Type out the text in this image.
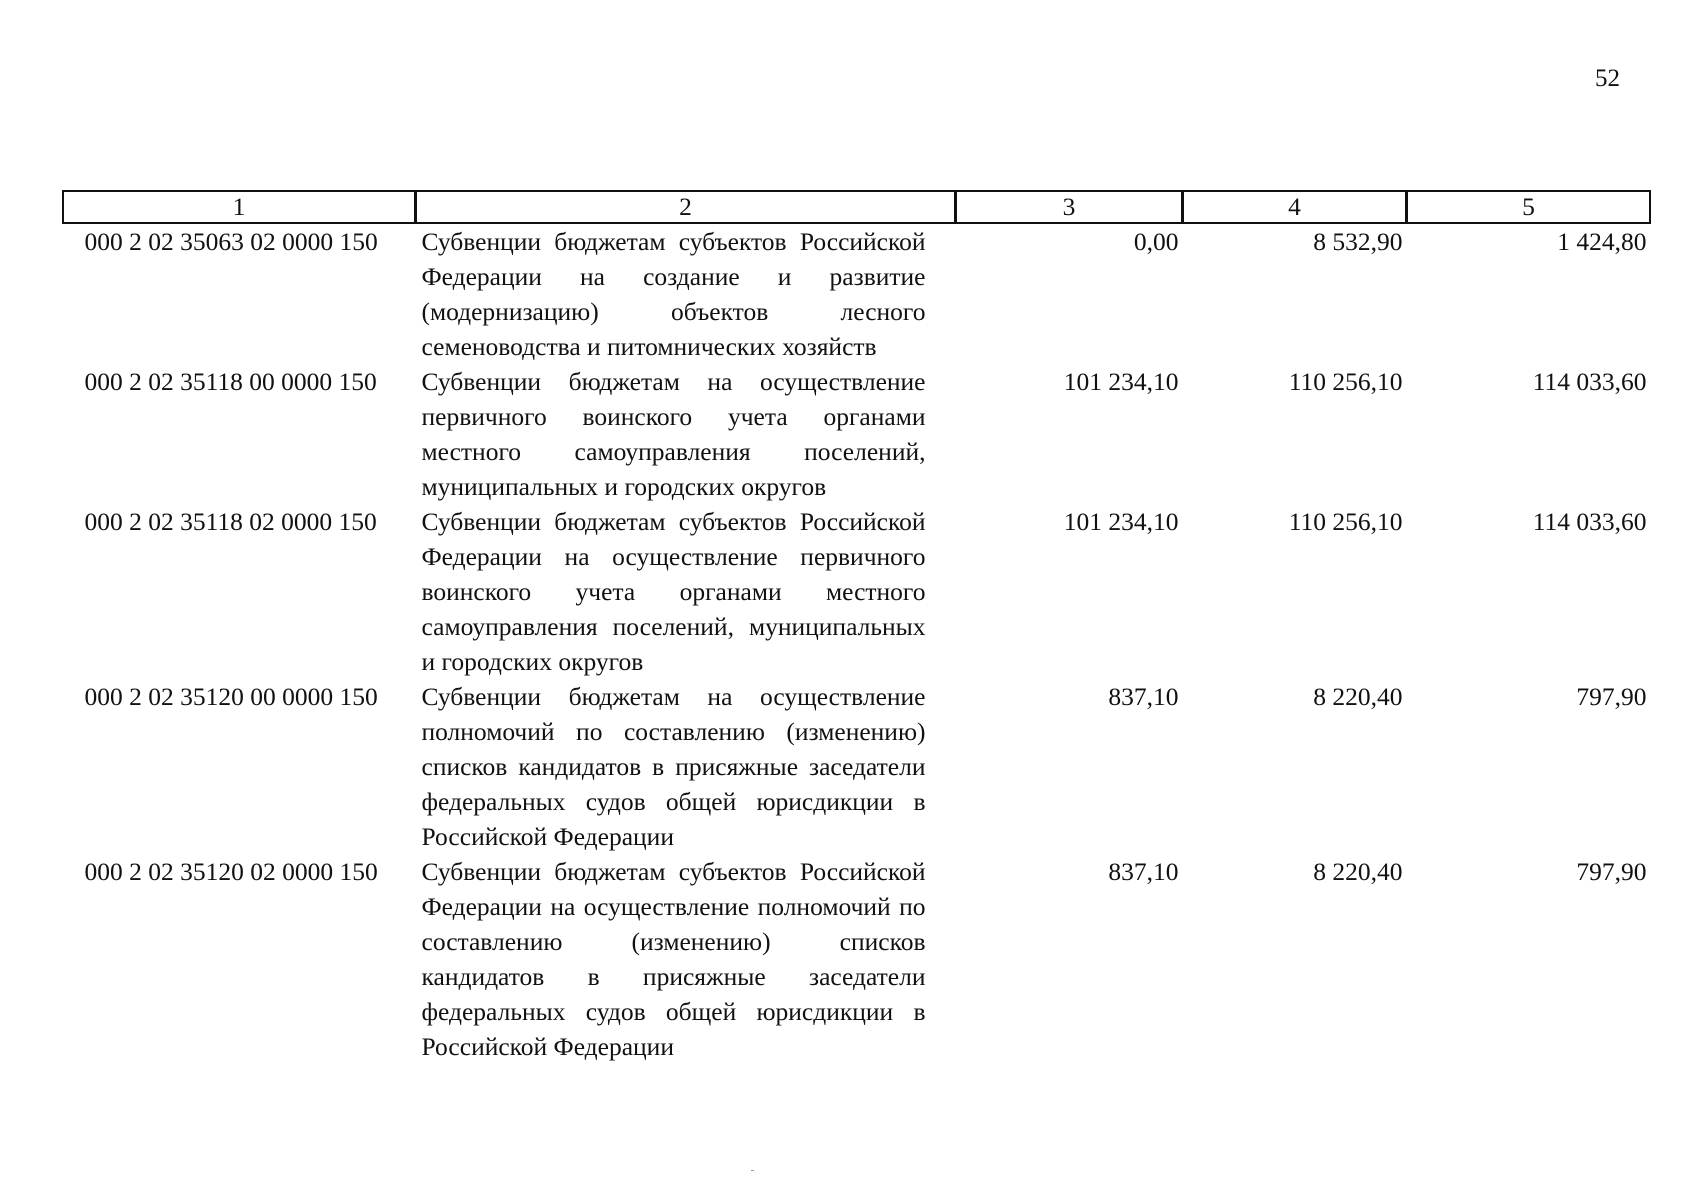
52
1	2	3	4	5
000 2 02 35063 02 0000 150	Субвенции бюджетам субъектов Российской Федерации на создание и развитие (модернизацию) объектов лесного семеноводства и питомнических хозяйств	0,00	8 532,90	1 424,80
000 2 02 35118 00 0000 150	Субвенции бюджетам на осуществление первичного воинского учета органами местного самоуправления поселений, муниципальных и городских округов	101 234,10	110 256,10	114 033,60
000 2 02 35118 02 0000 150	Субвенции бюджетам субъектов Российской Федерации на осуществление первичного воинского учета органами местного самоуправления поселений, муниципальных и городских округов	101 234,10	110 256,10	114 033,60
000 2 02 35120 00 0000 150	Субвенции бюджетам на осуществление полномочий по составлению (изменению) списков кандидатов в присяжные заседатели федеральных судов общей юрисдикции в Российской Федерации	837,10	8 220,40	797,90
000 2 02 35120 02 0000 150	Субвенции бюджетам субъектов Российской Федерации на осуществление полномочий по составлению (изменению) списков кандидатов в присяжные заседатели федеральных судов общей юрисдикции в Российской Федерации	837,10	8 220,40	797,90
